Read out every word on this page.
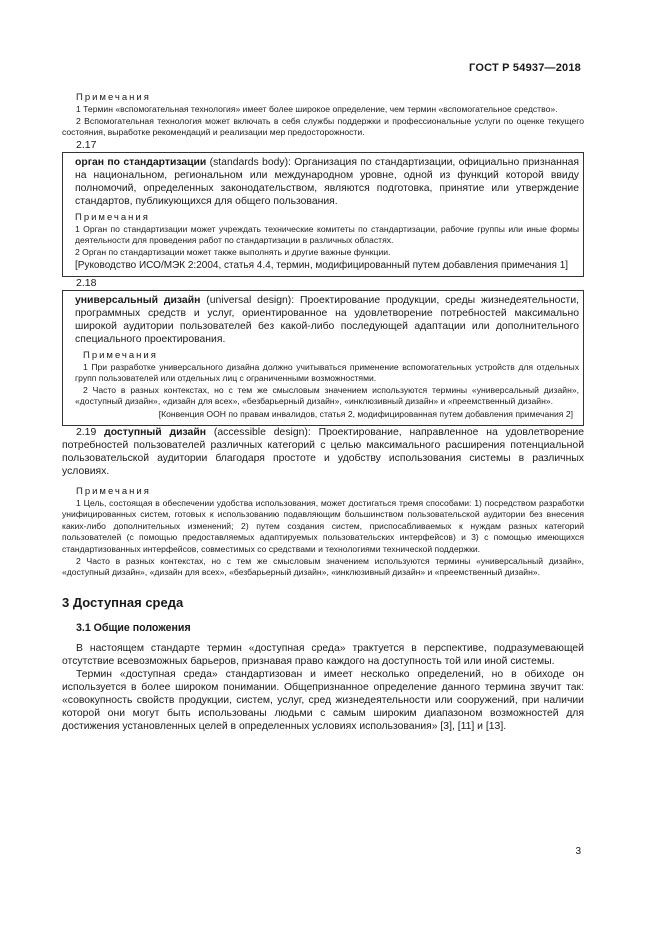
ГОСТ Р 54937—2018

Примечания

1 Термин «вспомогательная технология» имеет более широкое определение, чем термин «вспомогательное средство».

2 Вспомогательная технология может включать в себя службы поддержки и профессиональные услуги по оценке текущего состояния, выработке рекомендаций и реализации мер предосторожности.

2.17

орган по стандартизации (standards body): Организация по стандартизации, официально признанная на национальном, региональном или международном уровне, одной из функций которой ввиду полномочий, определенных законодательством, являются подготовка, принятие или утверждение стандартов, публикующихся для общего пользования.

Примечания

1 Орган по стандартизации может учреждать технические комитеты по стандартизации, рабочие группы или иные формы деятельности для проведения работ по стандартизации в различных областях.

2 Орган по стандартизации может также выполнять и другие важные функции.

[Руководство ИСО/МЭК 2:2004, статья 4.4, термин, модифицированный путем добавления примечания 1]

2.18

универсальный дизайн (universal design): Проектирование продукции, среды жизнедеятельности, программных средств и услуг, ориентированное на удовлетворение потребностей максимально широкой аудитории пользователей без какой-либо последующей адаптации или дополнительного специального проектирования.

Примечания

1 При разработке универсального дизайна должно учитываться применение вспомогательных устройств для отдельных групп пользователей или отдельных лиц с ограниченными возможностями.

2 Часто в разных контекстах, но с тем же смысловым значением используются термины «универсальный дизайн», «доступный дизайн», «дизайн для всех», «безбарьерный дизайн», «инклюзивный дизайн» и «преемственный дизайн».

[Конвенция ООН по правам инвалидов, статья 2, модифицированная путем добавления примечания 2]

2.19 доступный дизайн (accessible design): Проектирование, направленное на удовлетворение потребностей пользователей различных категорий с целью максимального расширения потенциальной пользовательской аудитории благодаря простоте и удобству использования системы в различных условиях.

Примечания

1 Цель, состоящая в обеспечении удобства использования, может достигаться тремя способами: 1) посредством разработки унифицированных систем, готовых к использованию подавляющим большинством пользовательской аудитории без внесения каких-либо дополнительных изменений; 2) путем создания систем, приспосабливаемых к нуждам разных категорий пользователей (с помощью предоставляемых адаптируемых пользовательских интерфейсов) и 3) с помощью имеющихся стандартизованных интерфейсов, совместимых со средствами и технологиями технической поддержки.

2 Часто в разных контекстах, но с тем же смысловым значением используются термины «универсальный дизайн», «доступный дизайн», «дизайн для всех», «безбарьерный дизайн», «инклюзивный дизайн» и «преемственный дизайн».

3 Доступная среда
3.1 Общие положения

В настоящем стандарте термин «доступная среда» трактуется в перспективе, подразумевающей отсутствие всевозможных барьеров, признавая право каждого на доступность той или иной системы.

Термин «доступная среда» стандартизован и имеет несколько определений, но в обиходе он используется в более широком понимании. Общепризнанное определение данного термина звучит так: «совокупность свойств продукции, систем, услуг, сред жизнедеятельности или сооружений, при наличии которой они могут быть использованы людьми с самым широким диапазоном возможностей для достижения установленных целей в определенных условиях использования» [3], [11] и [13].

3
